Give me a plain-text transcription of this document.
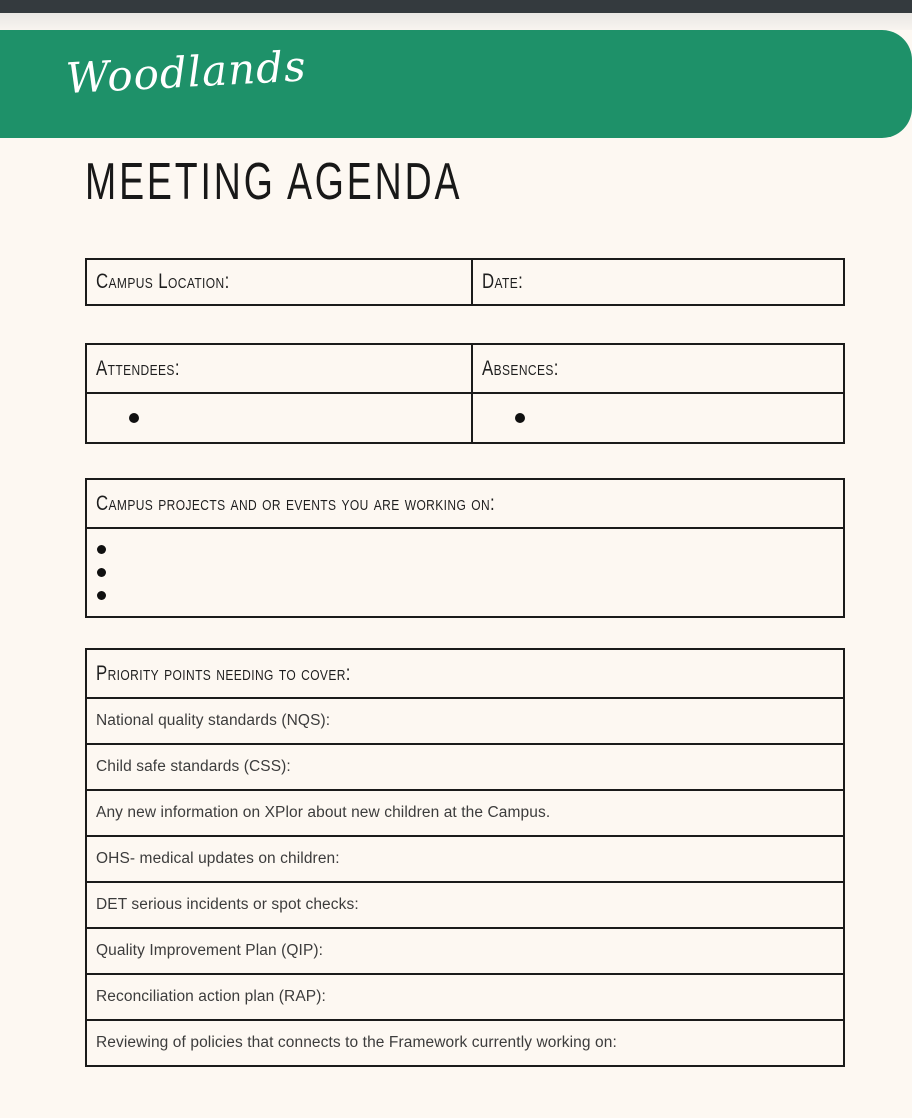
Woodlands
MEETING AGENDA
Campus Location:	Date:
Attendees:	Absences:
Campus projects and or events you are working on:
Priority points needing to cover:
National quality standards (NQS):
Child safe standards (CSS):
Any new information on XPlor about new children at the Campus.
OHS- medical updates on children:
DET serious incidents or spot checks:
Quality Improvement Plan (QIP):
Reconciliation action plan (RAP):
Reviewing of policies that connects to the Framework currently working on:
